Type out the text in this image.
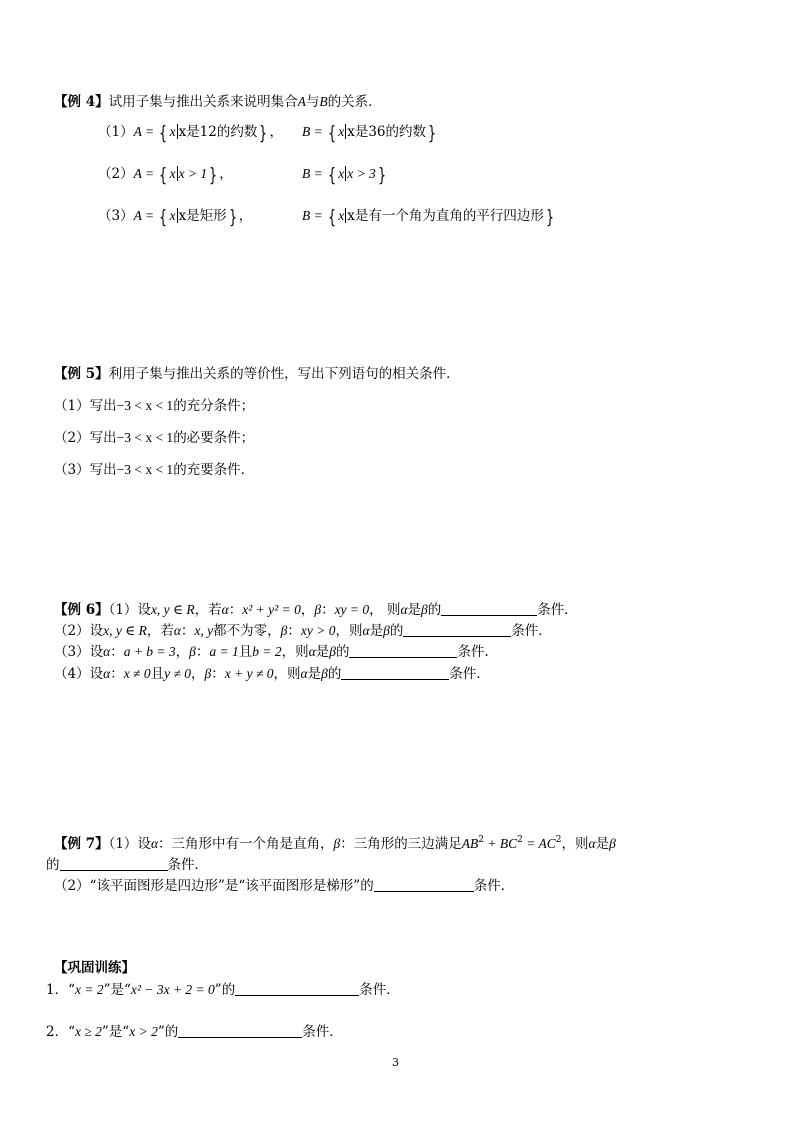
【例 4】试用子集与推出关系来说明集合A与B的关系．
（1）A = { x x是12的约数 } ， B = { x x是36的约数 }
（2）A = { x x > 1 } ，	B = { x x > 3 }
（3）A = { x x是矩形 } ，	B = { x x是有一个角为直角的平行四边形 }
【例 5】利用子集与推出关系的等价性，写出下列语句的相关条件．
（1）写出−3 < x < 1的充分条件；
（2）写出−3 < x < 1的必要条件；
（3）写出−3 < x < 1的充要条件．
【例 6】（1）设x, y ∈ R，若α：x² + y² = 0，β：xy = 0， 则α是β的	条件．
（2）设x, y ∈ R，若α：x, y都不为零，β：xy > 0，则α是β的	条件．
（3）设α：a + b = 3，β：a = 1且b = 2，则α是β的	条件．
（4）设α：x ≠ 0且y ≠ 0，β：x + y ≠ 0，则α是β的	条件．
【例 7】（1）设α：三角形中有一个角是直角，β：三角形的三边满足$AB^2 + BC^2 = AC^2$，则α是β
的	条件．
（2）“该平面图形是四边形”是“该平面图形是梯形”的	条件．
【巩固训练】
1．“x = 2”是“x² − 3x + 2 = 0”的	条件．
2．“x ≥ 2”是“x > 2”的	条件．
3
